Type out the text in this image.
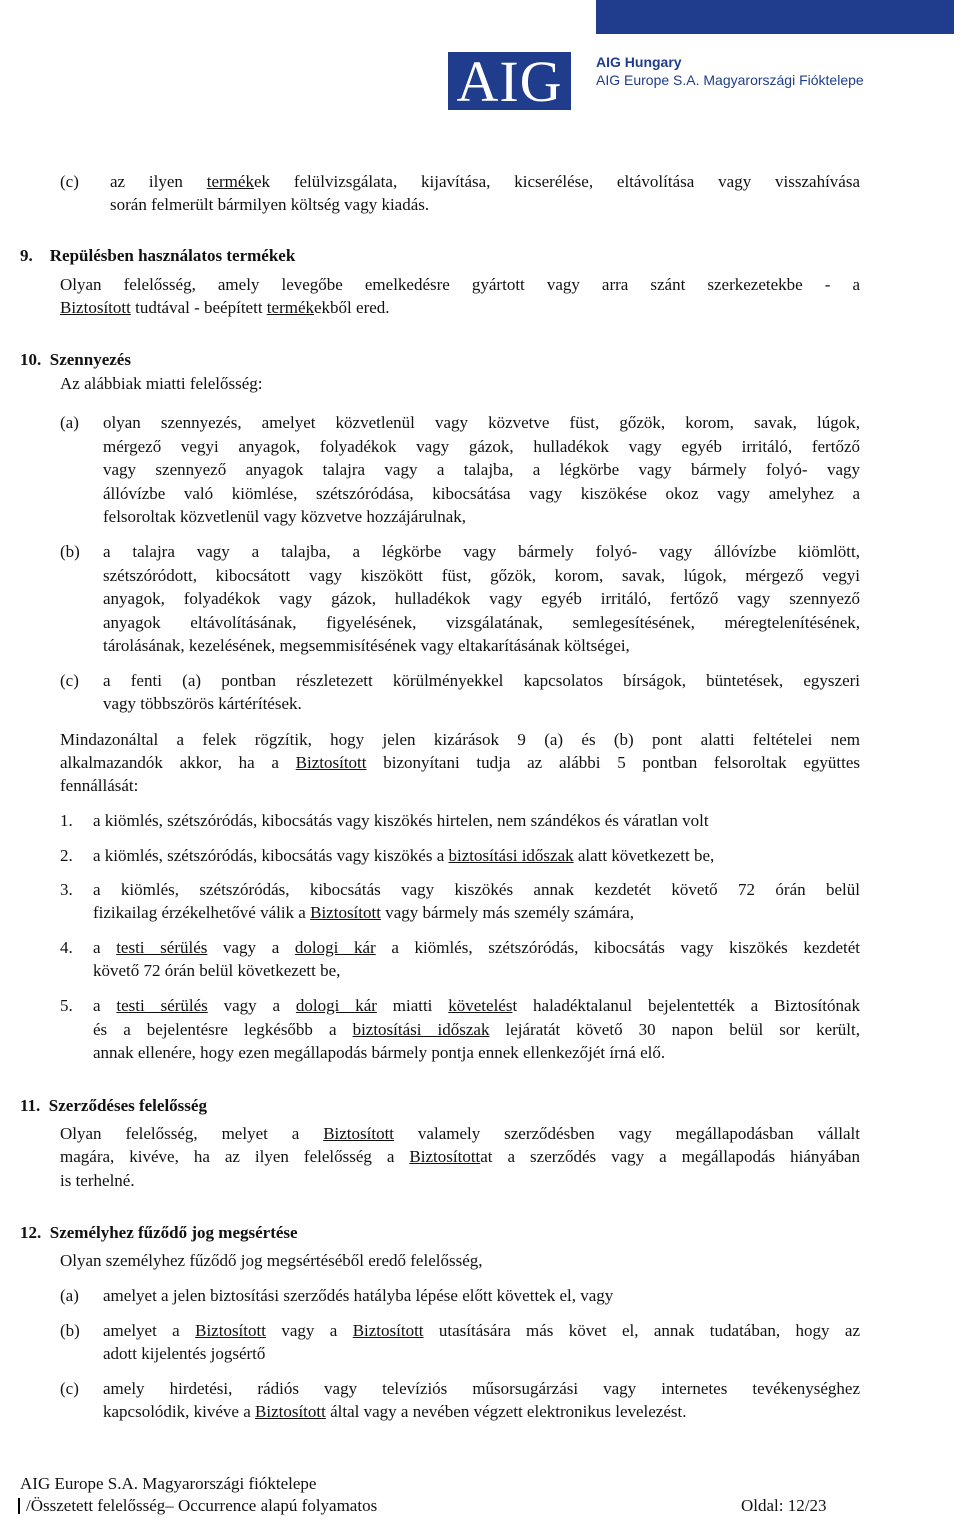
AIG	AIG Hungary
AIG Europe S.A. Magyarországi Fióktelepe
(c) az ilyen termékek felülvizsgálata, kijavítása, kicserélése, eltávolítása vagy visszahívása
során felmerült bármilyen költség vagy kiadás.
9.    Repülésben használatos termékek
Olyan felelősség, amely levegőbe emelkedésre gyártott vagy arra szánt szerkezetekbe - a
Biztosított tudtával - beépített termékekből ered.
10.  Szennyezés
Az alábbiak miatti felelősség:
(a) olyan szennyezés, amelyet közvetlenül vagy közvetve füst, gőzök, korom, savak, lúgok,
mérgező vegyi anyagok, folyadékok vagy gázok, hulladékok vagy egyéb irritáló, fertőző
vagy szennyező anyagok talajra vagy a talajba, a légkörbe vagy bármely folyó- vagy
állóvízbe való kiömlése, szétszóródása, kibocsátása vagy kiszökése okoz vagy amelyhez a
felsoroltak közvetlenül vagy közvetve hozzájárulnak,
(b) a talajra vagy a talajba, a légkörbe vagy bármely folyó- vagy állóvízbe kiömlött,
szétszóródott, kibocsátott vagy kiszökött füst, gőzök, korom, savak, lúgok, mérgező vegyi
anyagok, folyadékok vagy gázok, hulladékok vagy egyéb irritáló, fertőző vagy szennyező
anyagok eltávolításának, figyelésének, vizsgálatának, semlegesítésének, méregtelenítésének,
tárolásának, kezelésének, megsemmisítésének vagy eltakarításának költségei,
(c) a fenti (a) pontban részletezett körülményekkel kapcsolatos bírságok, büntetések, egyszeri
vagy többszörös kártérítések.
Mindazonáltal a felek rögzítik, hogy jelen kizárások 9 (a) és (b) pont alatti feltételei nem
alkalmazandók akkor, ha a Biztosított bizonyítani tudja az alábbi 5 pontban felsoroltak együttes
fennállását:
1. a kiömlés, szétszóródás, kibocsátás vagy kiszökés hirtelen, nem szándékos és váratlan volt
2. a kiömlés, szétszóródás, kibocsátás vagy kiszökés a biztosítási időszak alatt következett be,
3. a kiömlés, szétszóródás, kibocsátás vagy kiszökés annak kezdetét követő 72 órán belül
fizikailag érzékelhetővé válik a Biztosított vagy bármely más személy számára,
4. a testi sérülés vagy a dologi kár a kiömlés, szétszóródás, kibocsátás vagy kiszökés kezdetét
követő 72 órán belül következett be,
5. a testi sérülés vagy a dologi kár miatti követelést haladéktalanul bejelentették a Biztosítónak
és a bejelentésre legkésőbb a biztosítási időszak lejáratát követő 30 napon belül sor került,
annak ellenére, hogy ezen megállapodás bármely pontja ennek ellenkezőjét írná elő.
11.  Szerződéses felelősség
Olyan felelősség, melyet a Biztosított valamely szerződésben vagy megállapodásban vállalt
magára, kivéve, ha az ilyen felelősség a Biztosítottat a szerződés vagy a megállapodás hiányában
is terhelné.
12.  Személyhez fűződő jog megsértése
Olyan személyhez fűződő jog megsértéséből eredő felelősség,
(a) amelyet a jelen biztosítási szerződés hatályba lépése előtt követtek el, vagy
(b) amelyet a Biztosított vagy a Biztosított utasítására más követ el, annak tudatában, hogy az
adott kijelentés jogsértő
(c) amely hirdetési, rádiós vagy televíziós műsorsugárzási vagy internetes tevékenységhez
kapcsolódik, kivéve a Biztosított által vagy a nevében végzett elektronikus levelezést.
AIG Europe S.A. Magyarországi fióktelepe
/Összetett felelősség– Occurrence alapú folyamatos	Oldal: 12/23
